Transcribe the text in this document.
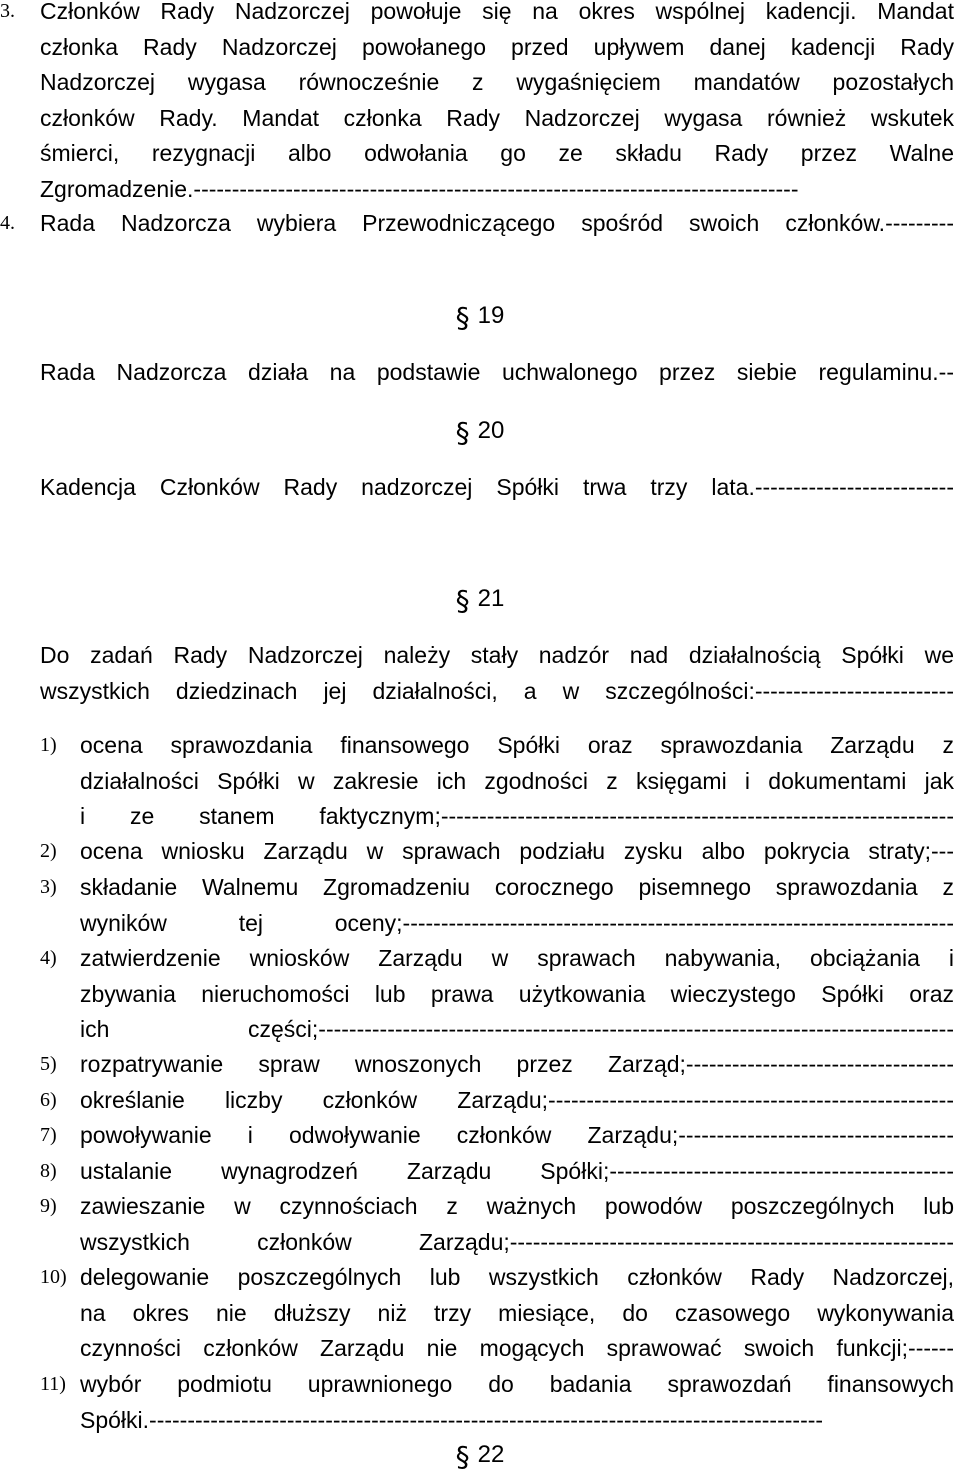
3.	Członków Rady Nadzorczej powołuje się na okres wspólnej kadencji. Mandat
członka Rady Nadzorczej powołanego przed upływem danej kadencji Rady
Nadzorczej wygasa równocześnie z wygaśnięciem mandatów pozostałych
członków Rady. Mandat członka Rady Nadzorczej wygasa również wskutek
śmierci, rezygnacji albo odwołania go ze składu Rady przez Walne
Zgromadzenie.-------------------------------------------------------------------------------
4.	Rada Nadzorcza wybiera Przewodniczącego spośród swoich członków.---------
§ 19
Rada Nadzorcza działa na podstawie uchwalonego przez siebie regulaminu.--
§ 20
Kadencja Członków Rady nadzorczej Spółki trwa trzy lata.--------------------------
§ 21
Do zadań Rady Nadzorczej należy stały nadzór nad działalnością Spółki we
wszystkich dziedzinach jej działalności, a w szczególności:--------------------------
1)	ocena sprawozdania finansowego Spółki oraz sprawozdania Zarządu z
działalności Spółki w zakresie ich zgodności z księgami i dokumentami jak
i ze stanem faktycznym;-------------------------------------------------------------------
2)	ocena wniosku Zarządu w sprawach podziału zysku albo pokrycia straty;---
3)	składanie Walnemu Zgromadzeniu corocznego pisemnego sprawozdania z
wyników tej oceny;------------------------------------------------------------------------
4)	zatwierdzenie wniosków Zarządu w sprawach nabywania, obciążania i
zbywania nieruchomości lub prawa użytkowania wieczystego Spółki oraz
ich części;-----------------------------------------------------------------------------------
5)	rozpatrywanie spraw wnoszonych przez Zarząd;-----------------------------------
6)	określanie liczby członków Zarządu;-----------------------------------------------------
7)	powoływanie i odwoływanie członków Zarządu;------------------------------------
8)	ustalanie wynagrodzeń Zarządu Spółki;---------------------------------------------
9)	zawieszanie w czynnościach z ważnych powodów poszczególnych lub
wszystkich członków Zarządu;----------------------------------------------------------
10) delegowanie poszczególnych lub wszystkich członków Rady Nadzorczej,
na okres nie dłuższy niż trzy miesiące, do czasowego wykonywania
czynności członków Zarządu nie mogących sprawować swoich funkcji;------
11) wybór podmiotu uprawnionego do badania sprawozdań finansowych
Spółki.----------------------------------------------------------------------------------------
§ 22
